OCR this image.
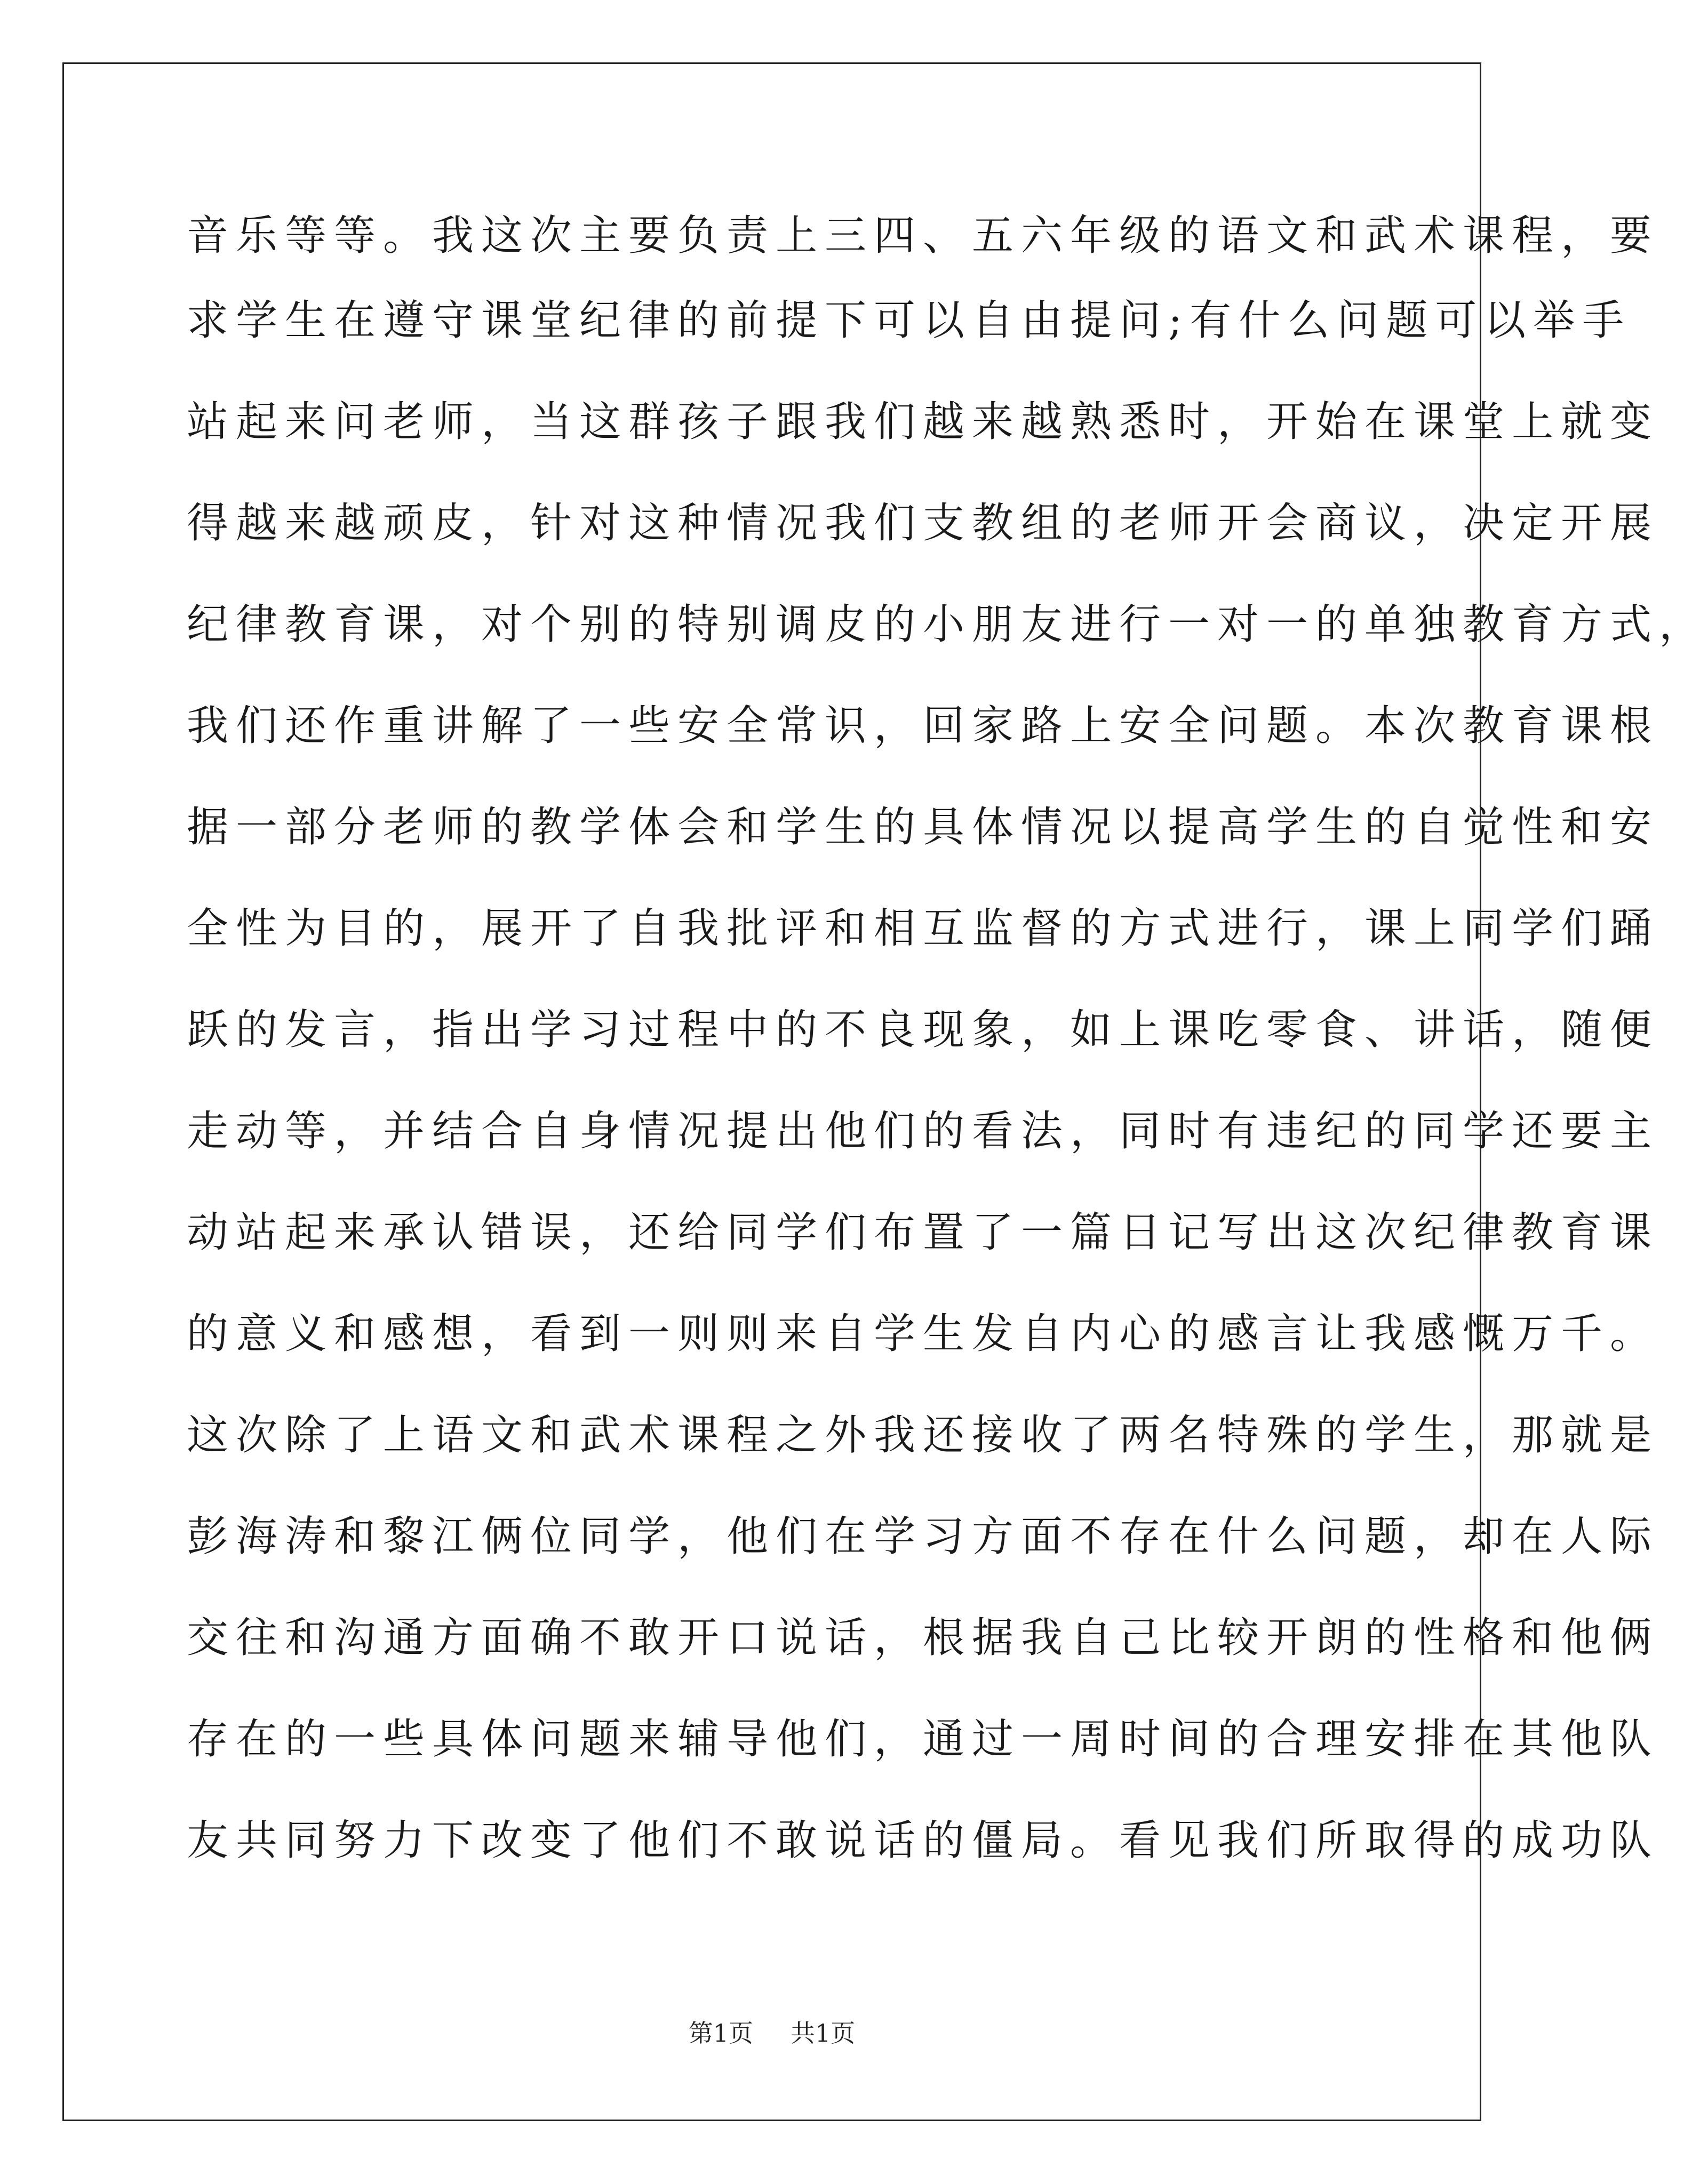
音乐等等。我这次主要负责上三四、五六年级的语文和武术课程，要
求学生在遵守课堂纪律的前提下可以自由提问;有什么问题可以举手
站起来问老师，当这群孩子跟我们越来越熟悉时，开始在课堂上就变
得越来越顽皮，针对这种情况我们支教组的老师开会商议，决定开展
纪律教育课，对个别的特别调皮的小朋友进行一对一的单独教育方式，
我们还作重讲解了一些安全常识，回家路上安全问题。本次教育课根
据一部分老师的教学体会和学生的具体情况以提高学生的自觉性和安
全性为目的，展开了自我批评和相互监督的方式进行，课上同学们踊
跃的发言，指出学习过程中的不良现象，如上课吃零食、讲话，随便
走动等，并结合自身情况提出他们的看法，同时有违纪的同学还要主
动站起来承认错误，还给同学们布置了一篇日记写出这次纪律教育课
的意义和感想，看到一则则来自学生发自内心的感言让我感慨万千。
这次除了上语文和武术课程之外我还接收了两名特殊的学生，那就是
彭海涛和黎江俩位同学，他们在学习方面不存在什么问题，却在人际
交往和沟通方面确不敢开口说话，根据我自己比较开朗的性格和他俩
存在的一些具体问题来辅导他们，通过一周时间的合理安排在其他队
友共同努力下改变了他们不敢说话的僵局。看见我们所取得的成功队
第1页 共1页
